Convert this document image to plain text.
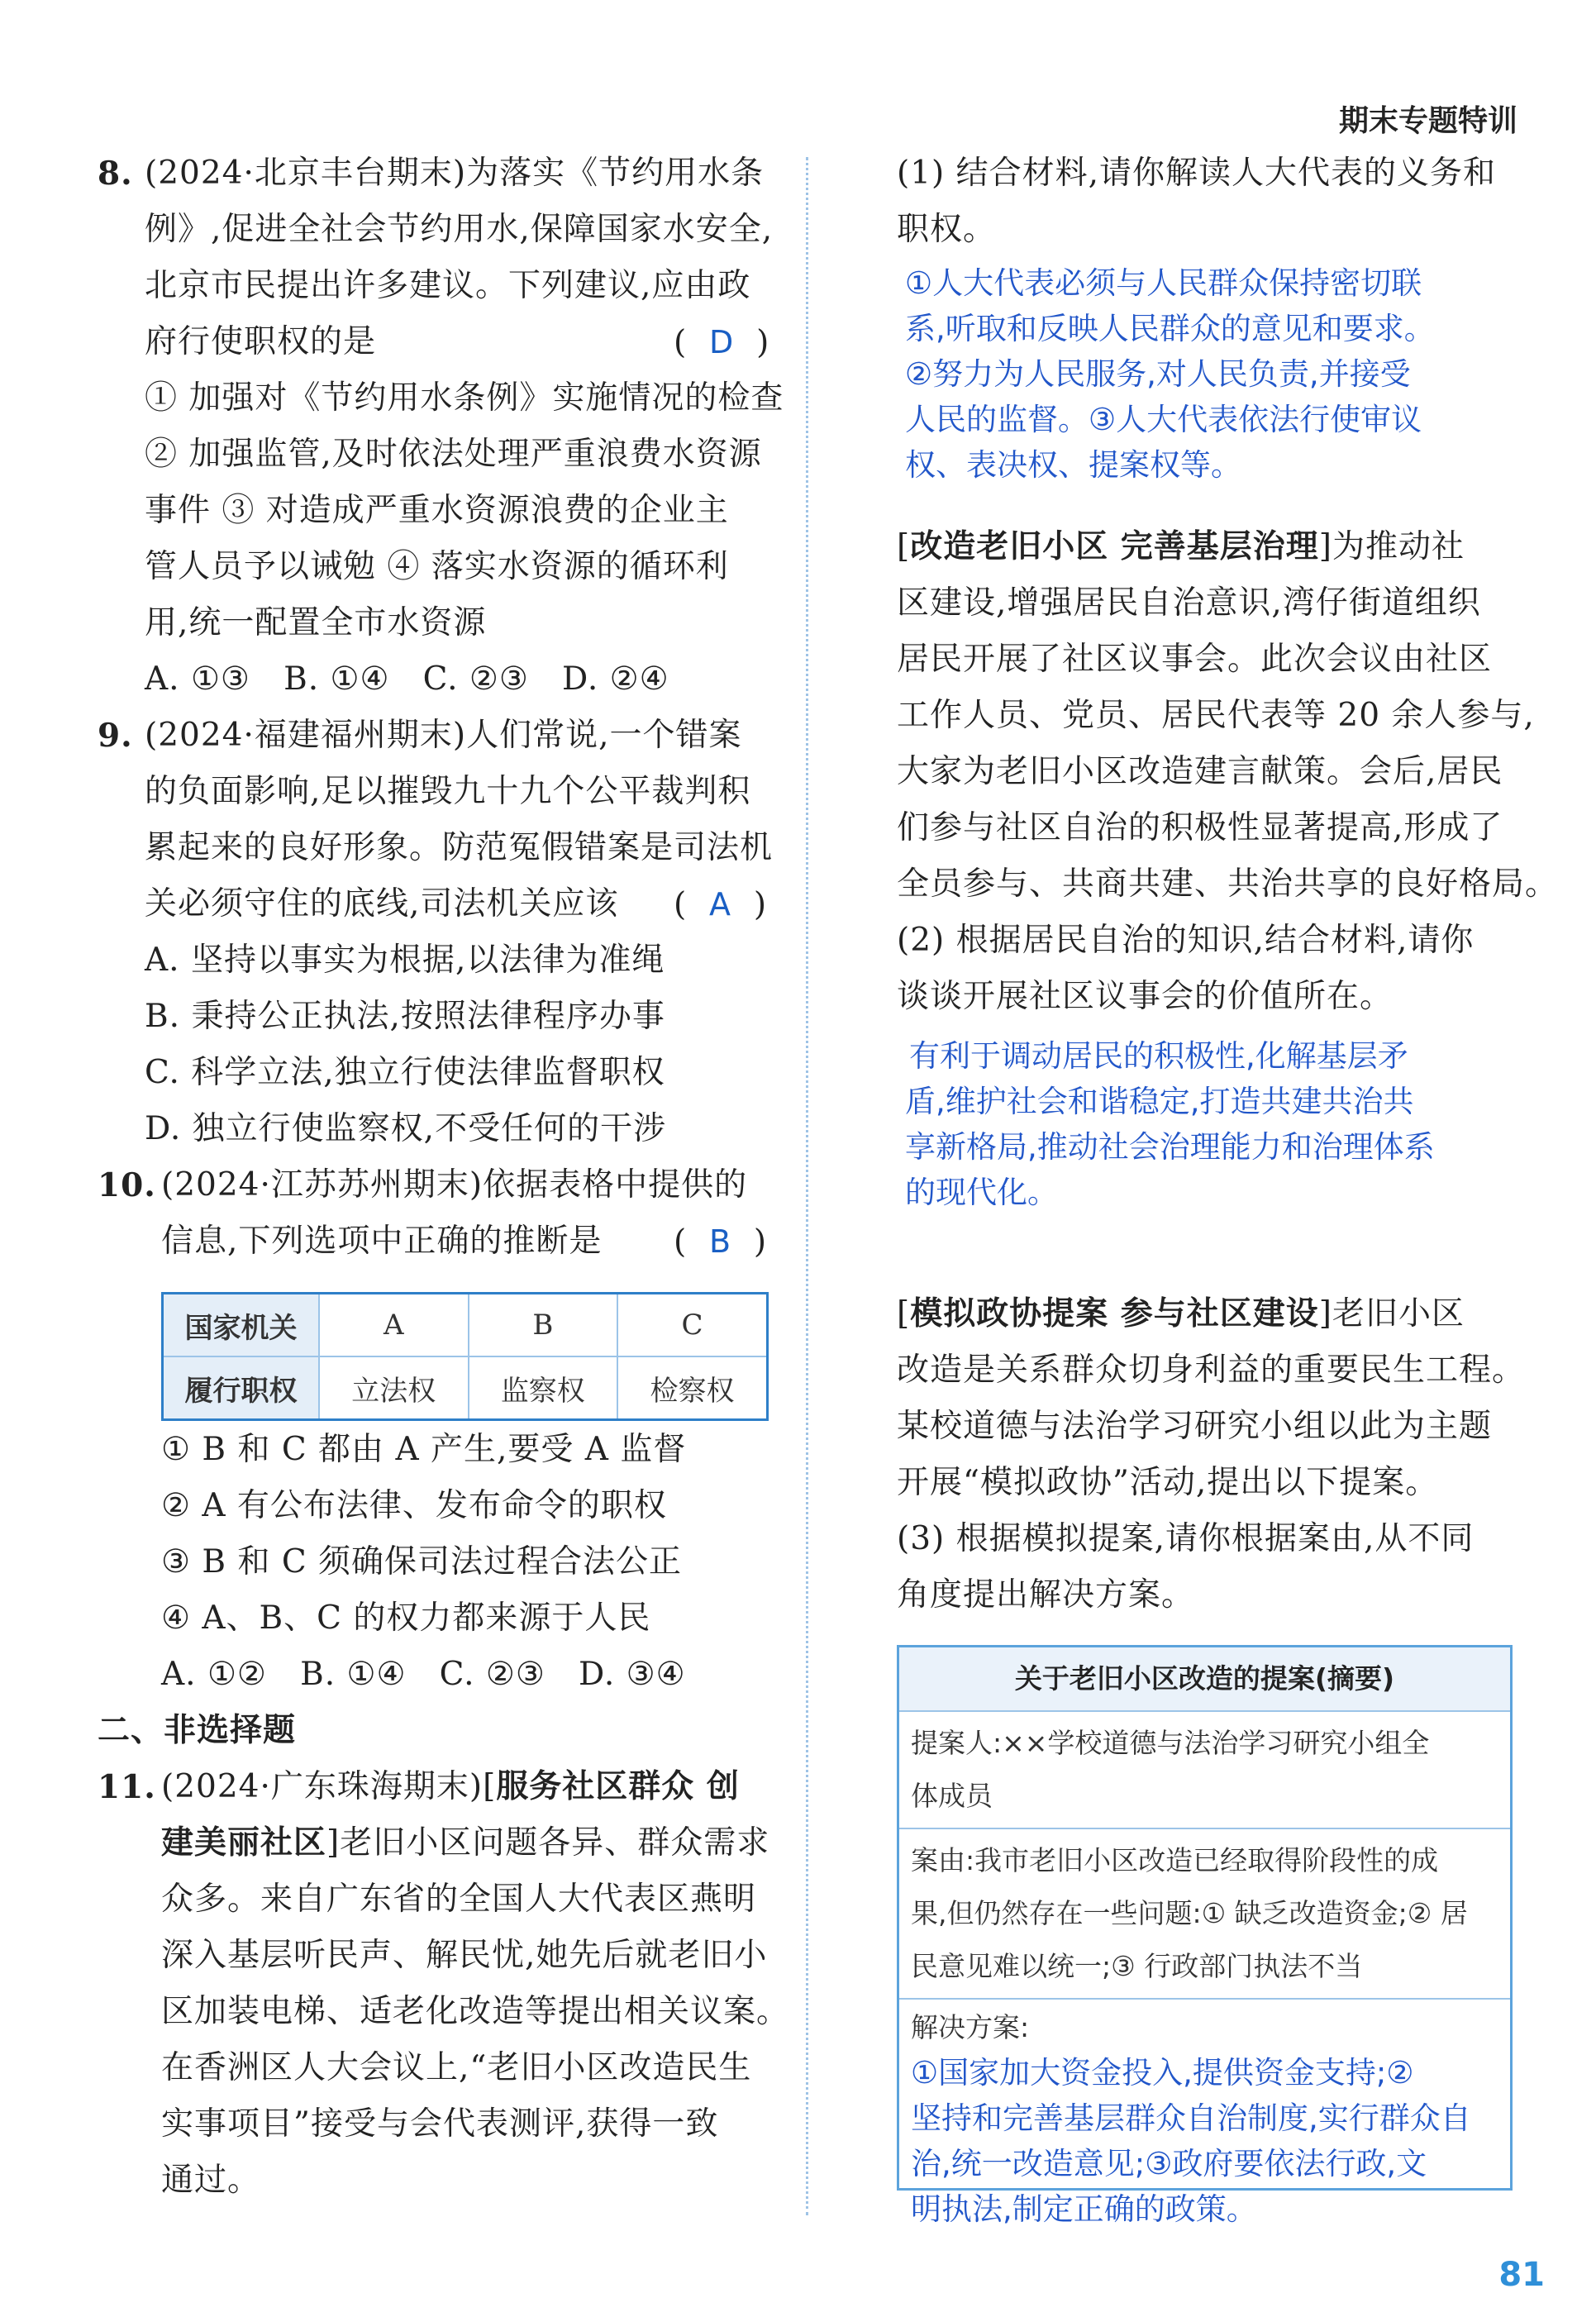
期末专题特训
8. (2024·北京丰台期末)为落实《节约用水条
例》,促进全社会节约用水,保障国家水安全,
北京市民提出许多建议。下列建议,应由政
府行使职权的是	( D )
① 加强对《节约用水条例》实施情况的检查
② 加强监管,及时依法处理严重浪费水资源
事件 ③ 对造成严重水资源浪费的企业主
管人员予以诫勉 ④ 落实水资源的循环利
用,统一配置全市水资源
A. ①③   B. ①④   C. ②③   D. ②④
9. (2024·福建福州期末)人们常说,一个错案
的负面影响,足以摧毁九十九个公平裁判积
累起来的良好形象。防范冤假错案是司法机
关必须守住的底线,司法机关应该 ( A )
A. 坚持以事实为根据,以法律为准绳
B. 秉持公正执法,按照法律程序办事
C. 科学立法,独立行使法律监督职权
D. 独立行使监察权,不受任何的干涉
10. (2024·江苏苏州期末)依据表格中提供的
信息,下列选项中正确的推断是 ( B )
国家机关	A	B	C
履行职权	立法权	监察权	检察权
① B 和 C 都由 A 产生,要受 A 监督
② A 有公布法律、发布命令的职权
③ B 和 C 须确保司法过程合法公正
④ A、B、C 的权力都来源于人民
A. ①②   B. ①④   C. ②③   D. ③④
二、非选择题
11. (2024·广东珠海期末)[服务社区群众 创
建美丽社区]老旧小区问题各异、群众需求
众多。来自广东省的全国人大代表区燕明
深入基层听民声、解民忧,她先后就老旧小
区加装电梯、适老化改造等提出相关议案。
在香洲区人大会议上,“老旧小区改造民生
实事项目”接受与会代表测评,获得一致
通过。
(1) 结合材料,请你解读人大代表的义务和
职权。
①人大代表必须与人民群众保持密切联
系,听取和反映人民群众的意见和要求。
②努力为人民服务,对人民负责,并接受
人民的监督。③人大代表依法行使审议
权、表决权、提案权等。
[改造老旧小区 完善基层治理]为推动社
区建设,增强居民自治意识,湾仔街道组织
居民开展了社区议事会。此次会议由社区
工作人员、党员、居民代表等 20 余人参与,
大家为老旧小区改造建言献策。会后,居民
们参与社区自治的积极性显著提高,形成了
全员参与、共商共建、共治共享的良好格局。
(2) 根据居民自治的知识,结合材料,请你
谈谈开展社区议事会的价值所在。
有利于调动居民的积极性,化解基层矛
盾,维护社会和谐稳定,打造共建共治共
享新格局,推动社会治理能力和治理体系
的现代化。
[模拟政协提案 参与社区建设]老旧小区
改造是关系群众切身利益的重要民生工程。
某校道德与法治学习研究小组以此为主题
开展“模拟政协”活动,提出以下提案。
(3) 根据模拟提案,请你根据案由,从不同
角度提出解决方案。
关于老旧小区改造的提案(摘要)
提案人:××学校道德与法治学习研究小组全
体成员
案由:我市老旧小区改造已经取得阶段性的成
果,但仍然存在一些问题:① 缺乏改造资金;② 居
民意见难以统一;③ 行政部门执法不当
解决方案:
①国家加大资金投入,提供资金支持;②
坚持和完善基层群众自治制度,实行群众自
治,统一改造意见;③政府要依法行政,文
明执法,制定正确的政策。
81
